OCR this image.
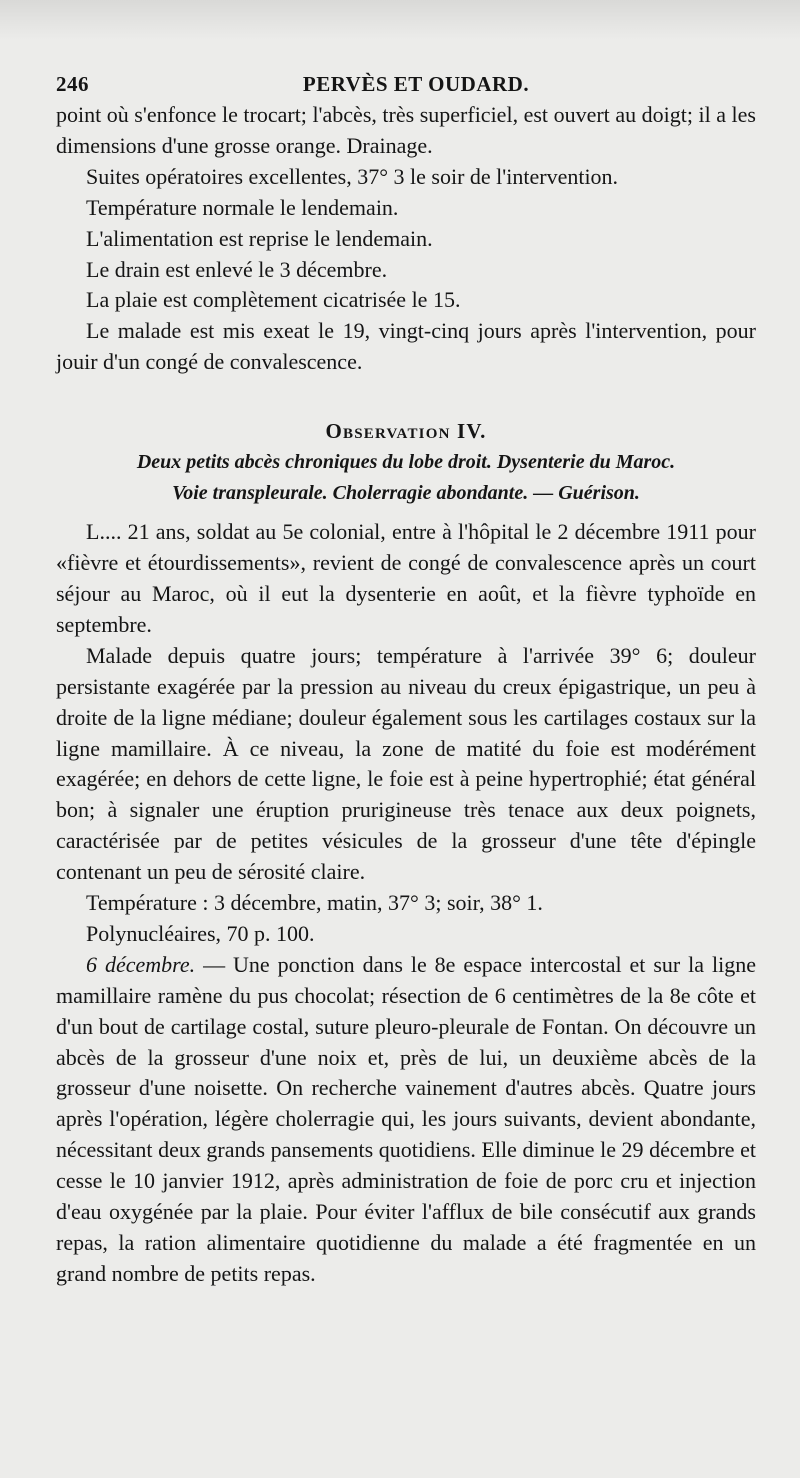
246	PERVÈS ET OUDARD.

point où s'enfonce le trocart; l'abcès, très superficiel, est ouvert au doigt; il a les dimensions d'une grosse orange. Drainage.

Suites opératoires excellentes, 37° 3 le soir de l'intervention.
Température normale le lendemain.
L'alimentation est reprise le lendemain.
Le drain est enlevé le 3 décembre.
La plaie est complètement cicatrisée le 15.

Le malade est mis exeat le 19, vingt-cinq jours après l'intervention, pour jouir d'un congé de convalescence.

Observation IV.
Deux petits abcès chroniques du lobe droit. Dysenterie du Maroc.
Voie transpleurale. Cholerragie abondante. — Guérison.

L.... 21 ans, soldat au 5e colonial, entre à l'hôpital le 2 décembre 1911 pour «fièvre et étourdissements», revient de congé de convalescence après un court séjour au Maroc, où il eut la dysenterie en août, et la fièvre typhoïde en septembre.

Malade depuis quatre jours; température à l'arrivée 39° 6; douleur persistante exagérée par la pression au niveau du creux épigastrique, un peu à droite de la ligne médiane; douleur également sous les cartilages costaux sur la ligne mamillaire. À ce niveau, la zone de matité du foie est modérément exagérée; en dehors de cette ligne, le foie est à peine hypertrophié; état général bon; à signaler une éruption prurigineuse très tenace aux deux poignets, caractérisée par de petites vésicules de la grosseur d'une tête d'épingle contenant un peu de sérosité claire.

Température : 3 décembre, matin, 37° 3; soir, 38° 1.
Polynucléaires, 70 p. 100.

6 décembre. — Une ponction dans le 8e espace intercostal et sur la ligne mamillaire ramène du pus chocolat; résection de 6 centimètres de la 8e côte et d'un bout de cartilage costal, suture pleuro-pleurale de Fontan. On découvre un abcès de la grosseur d'une noix et, près de lui, un deuxième abcès de la grosseur d'une noisette. On recherche vainement d'autres abcès. Quatre jours après l'opération, légère cholerragie qui, les jours suivants, devient abondante, nécessitant deux grands pansements quotidiens. Elle diminue le 29 décembre et cesse le 10 janvier 1912, après administration de foie de porc cru et injection d'eau oxygénée par la plaie. Pour éviter l'afflux de bile consécutif aux grands repas, la ration alimentaire quotidienne du malade a été fragmentée en un grand nombre de petits repas.
